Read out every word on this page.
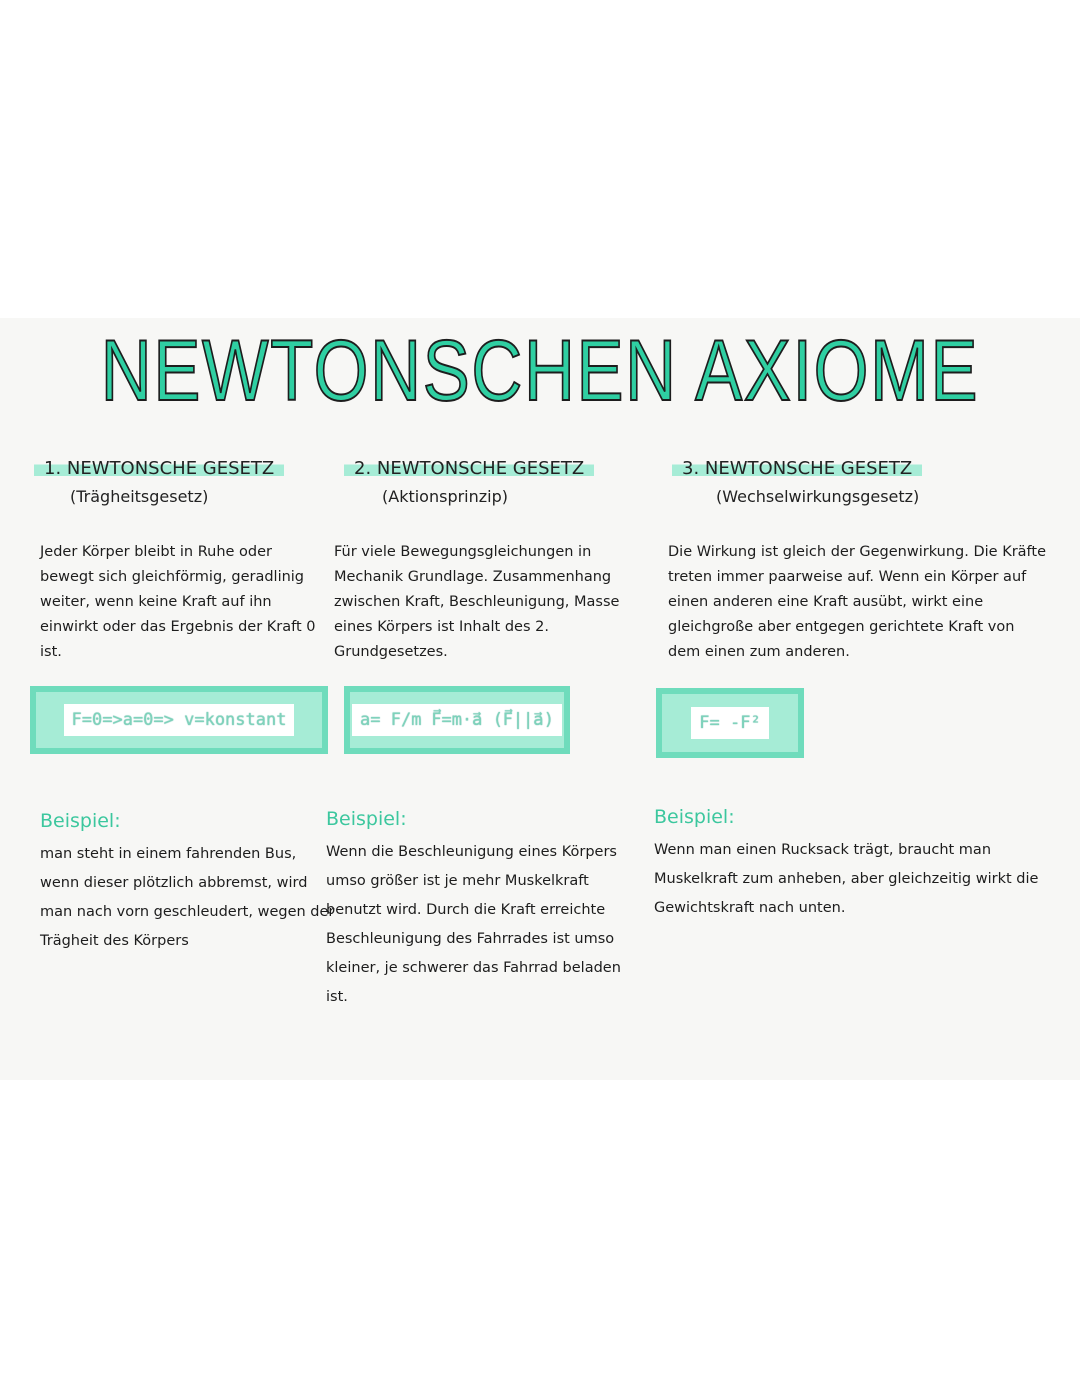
NEWTONSCHEN AXIOME
1. NEWTONSCHE GESETZ
(Trägheitsgesetz)
Jeder Körper bleibt in Ruhe oder bewegt sich gleichförmig, geradlinig weiter, wenn keine Kraft auf ihn einwirkt oder das Ergebnis der Kraft 0 ist.
F=0=>a=0=> v=konstant
Beispiel:
man steht in einem fahrenden Bus, wenn dieser plötzlich abbremst, wird man nach vorn geschleudert, wegen der Trägheit des Körpers
2. NEWTONSCHE GESETZ
(Aktionsprinzip)
Für viele Bewegungsgleichungen in Mechanik Grundlage. Zusammenhang zwischen Kraft, Beschleunigung, Masse eines Körpers ist Inhalt des 2. Grundgesetzes.
a= F/m F⃗=m·a⃗ (F⃗||a⃗)
Beispiel:
Wenn die Beschleunigung eines Körpers umso größer ist je mehr Muskelkraft benutzt wird. Durch die Kraft erreichte Beschleunigung des Fahrrades ist umso kleiner, je schwerer das Fahrrad beladen ist.
3. NEWTONSCHE GESETZ
(Wechselwirkungsgesetz)
Die Wirkung ist gleich der Gegenwirkung. Die Kräfte treten immer paarweise auf. Wenn ein Körper auf einen anderen eine Kraft ausübt, wirkt eine gleichgroße aber entgegen gerichtete Kraft von dem einen zum anderen.
F= -F²
Beispiel:
Wenn man einen Rucksack trägt, braucht man Muskelkraft zum anheben, aber gleichzeitig wirkt die Gewichtskraft nach unten.
